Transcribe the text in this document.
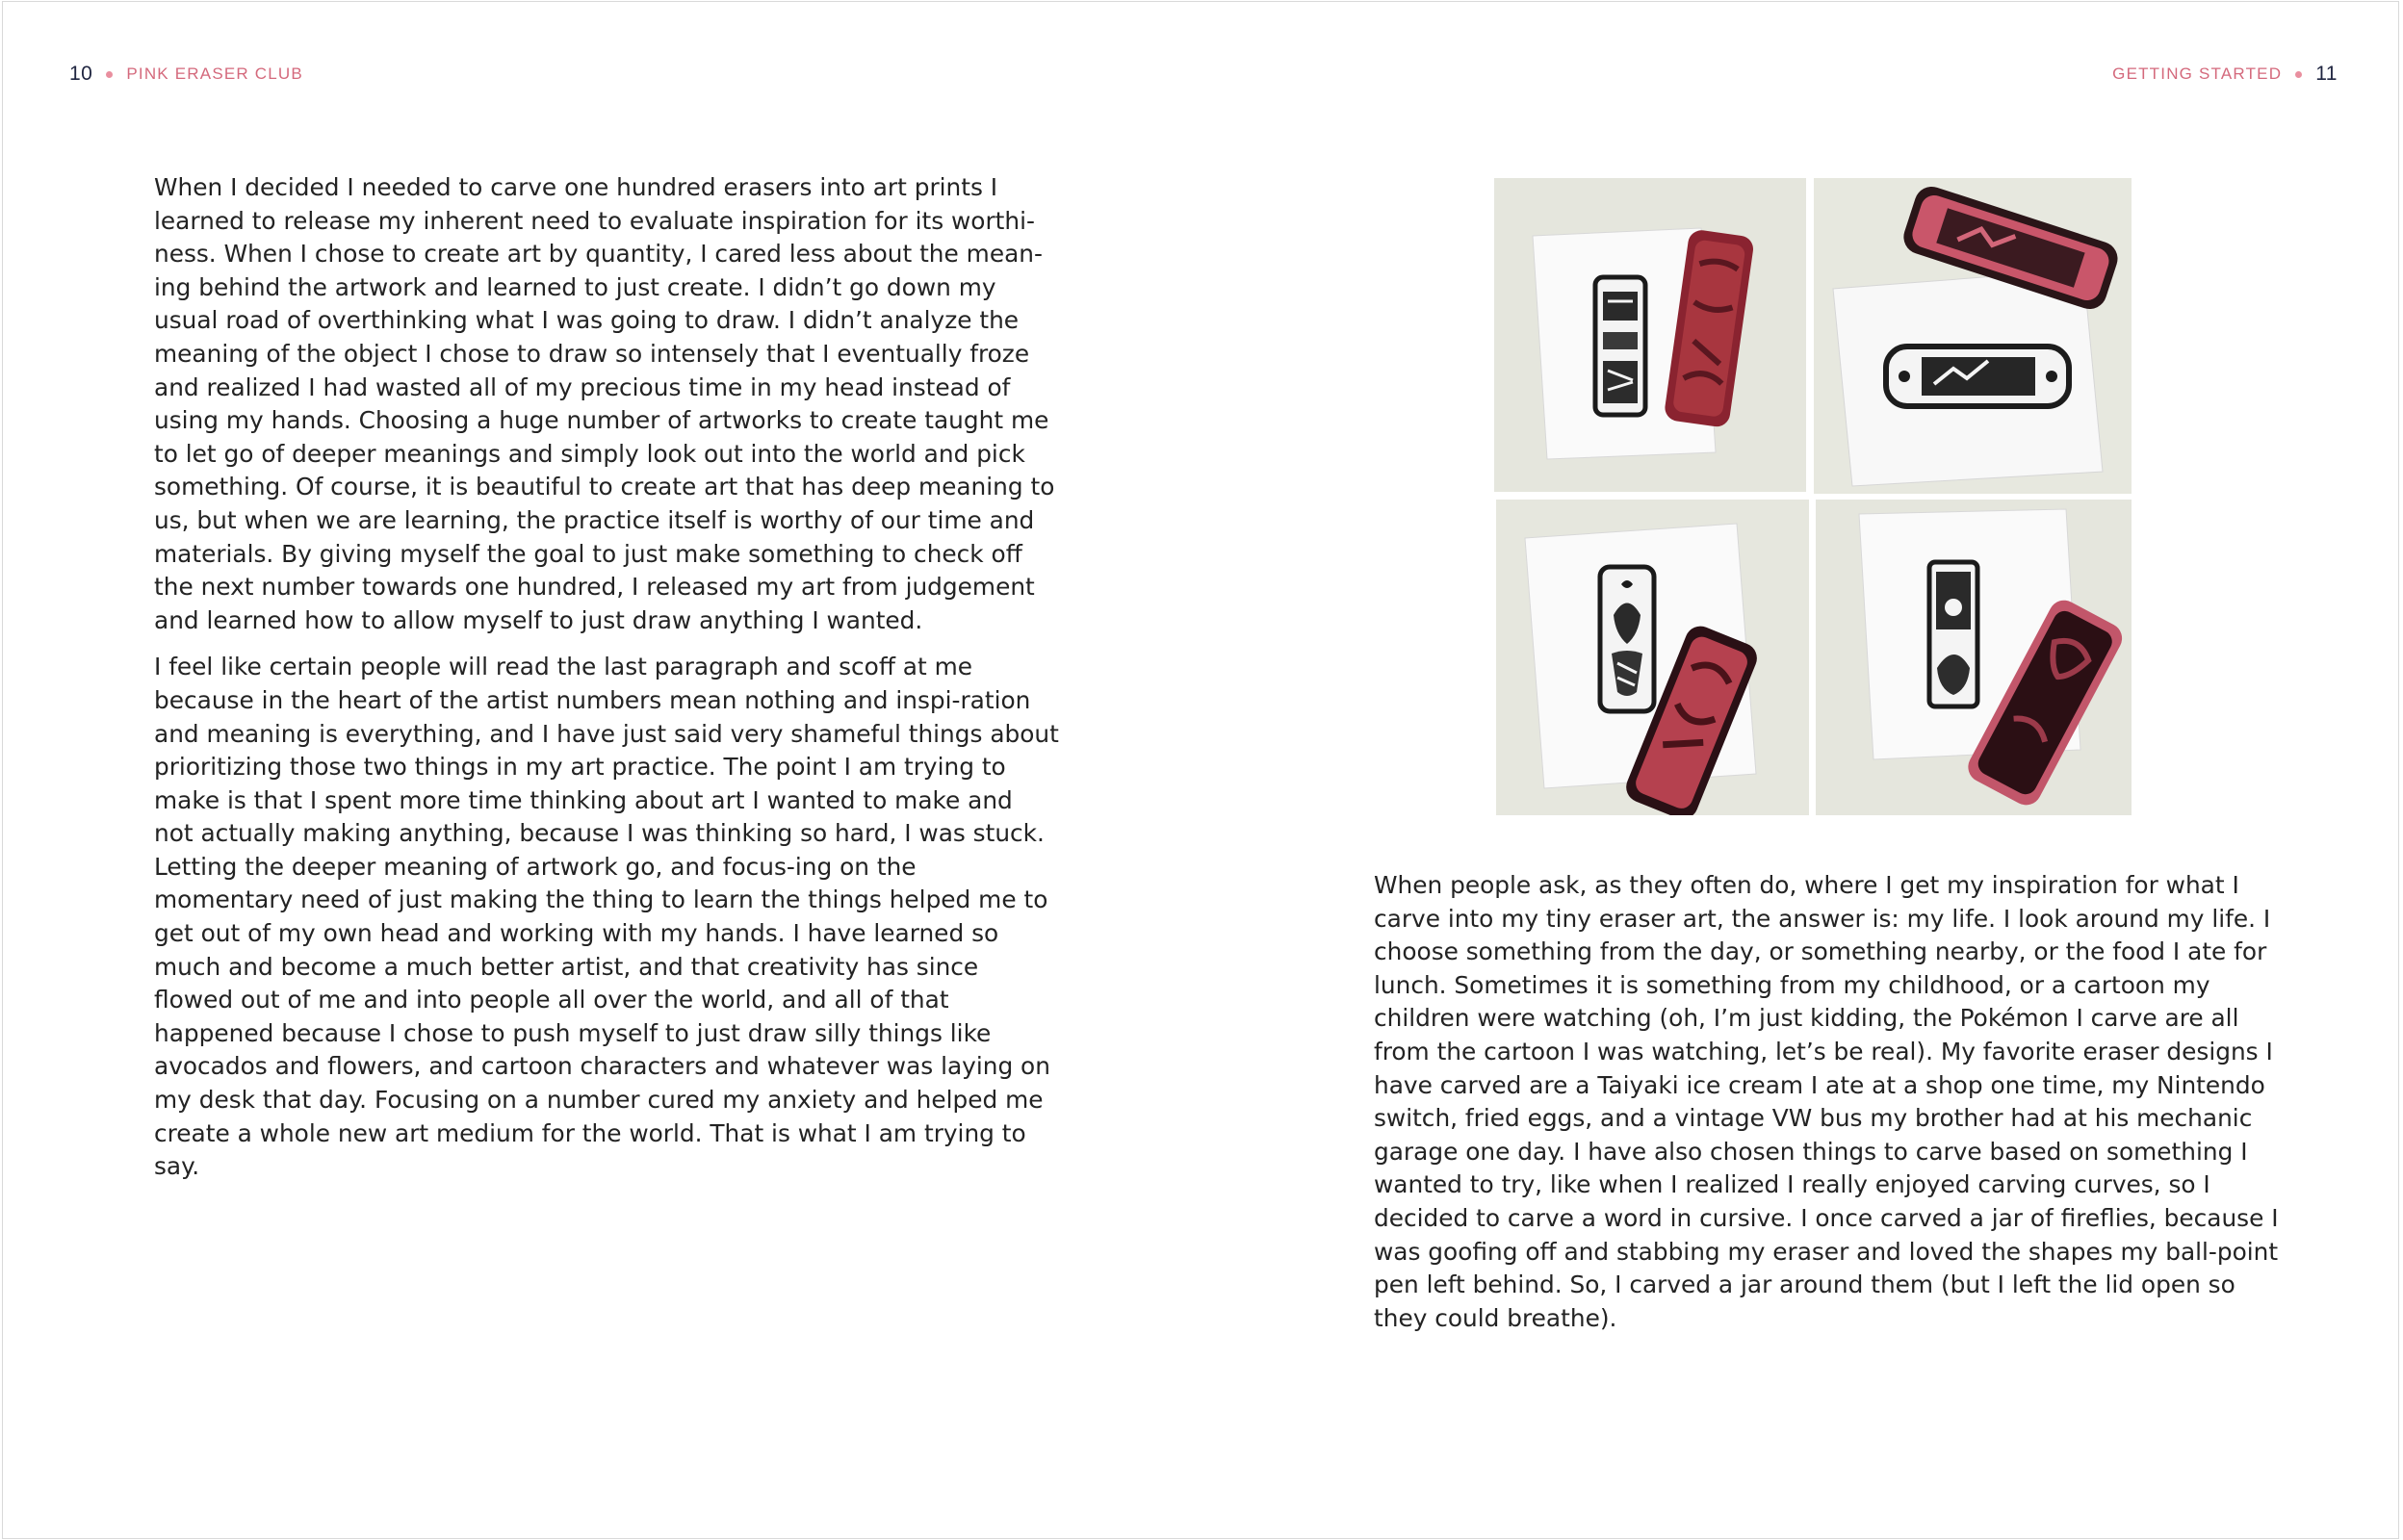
10 PINK ERASER CLUB	GETTING STARTED 11

When I decided I needed to carve one hundred erasers into art prints I learned to release my inherent need to evaluate inspiration for its worthi-ness. When I chose to create art by quantity, I cared less about the mean-ing behind the artwork and learned to just create. I didn’t go down my usual road of overthinking what I was going to draw. I didn’t analyze the meaning of the object I chose to draw so intensely that I eventually froze and realized I had wasted all of my precious time in my head instead of using my hands. Choosing a huge number of artworks to create taught me to let go of deeper meanings and simply look out into the world and pick something. Of course, it is beautiful to create art that has deep meaning to us, but when we are learning, the practice itself is worthy of our time and materials. By giving myself the goal to just make something to check off the next number towards one hundred, I released my art from judgement and learned how to allow myself to just draw anything I wanted.

I feel like certain people will read the last paragraph and scoff at me because in the heart of the artist numbers mean nothing and inspi-ration and meaning is everything, and I have just said very shameful things about prioritizing those two things in my art practice. The point I am trying to make is that I spent more time thinking about art I wanted to make and not actually making anything, because I was thinking so hard, I was stuck. Letting the deeper meaning of artwork go, and focus-ing on the momentary need of just making the thing to learn the things helped me to get out of my own head and working with my hands. I have learned so much and become a much better artist, and that creativity has since flowed out of me and into people all over the world, and all of that happened because I chose to push myself to just draw silly things like avocados and flowers, and cartoon characters and whatever was laying on my desk that day. Focusing on a number cured my anxiety and helped me create a whole new art medium for the world. That is what I am trying to say.

When people ask, as they often do, where I get my inspiration for what I carve into my tiny eraser art, the answer is: my life. I look around my life. I choose something from the day, or something nearby, or the food I ate for lunch. Sometimes it is something from my childhood, or a cartoon my children were watching (oh, I’m just kidding, the Pokémon I carve are all from the cartoon I was watching, let’s be real). My favorite eraser designs I have carved are a Taiyaki ice cream I ate at a shop one time, my Nintendo switch, fried eggs, and a vintage VW bus my brother had at his mechanic garage one day. I have also chosen things to carve based on something I wanted to try, like when I realized I really enjoyed carving curves, so I decided to carve a word in cursive. I once carved a jar of fireflies, because I was goofing off and stabbing my eraser and loved the shapes my ball-point pen left behind. So, I carved a jar around them (but I left the lid open so they could breathe).
